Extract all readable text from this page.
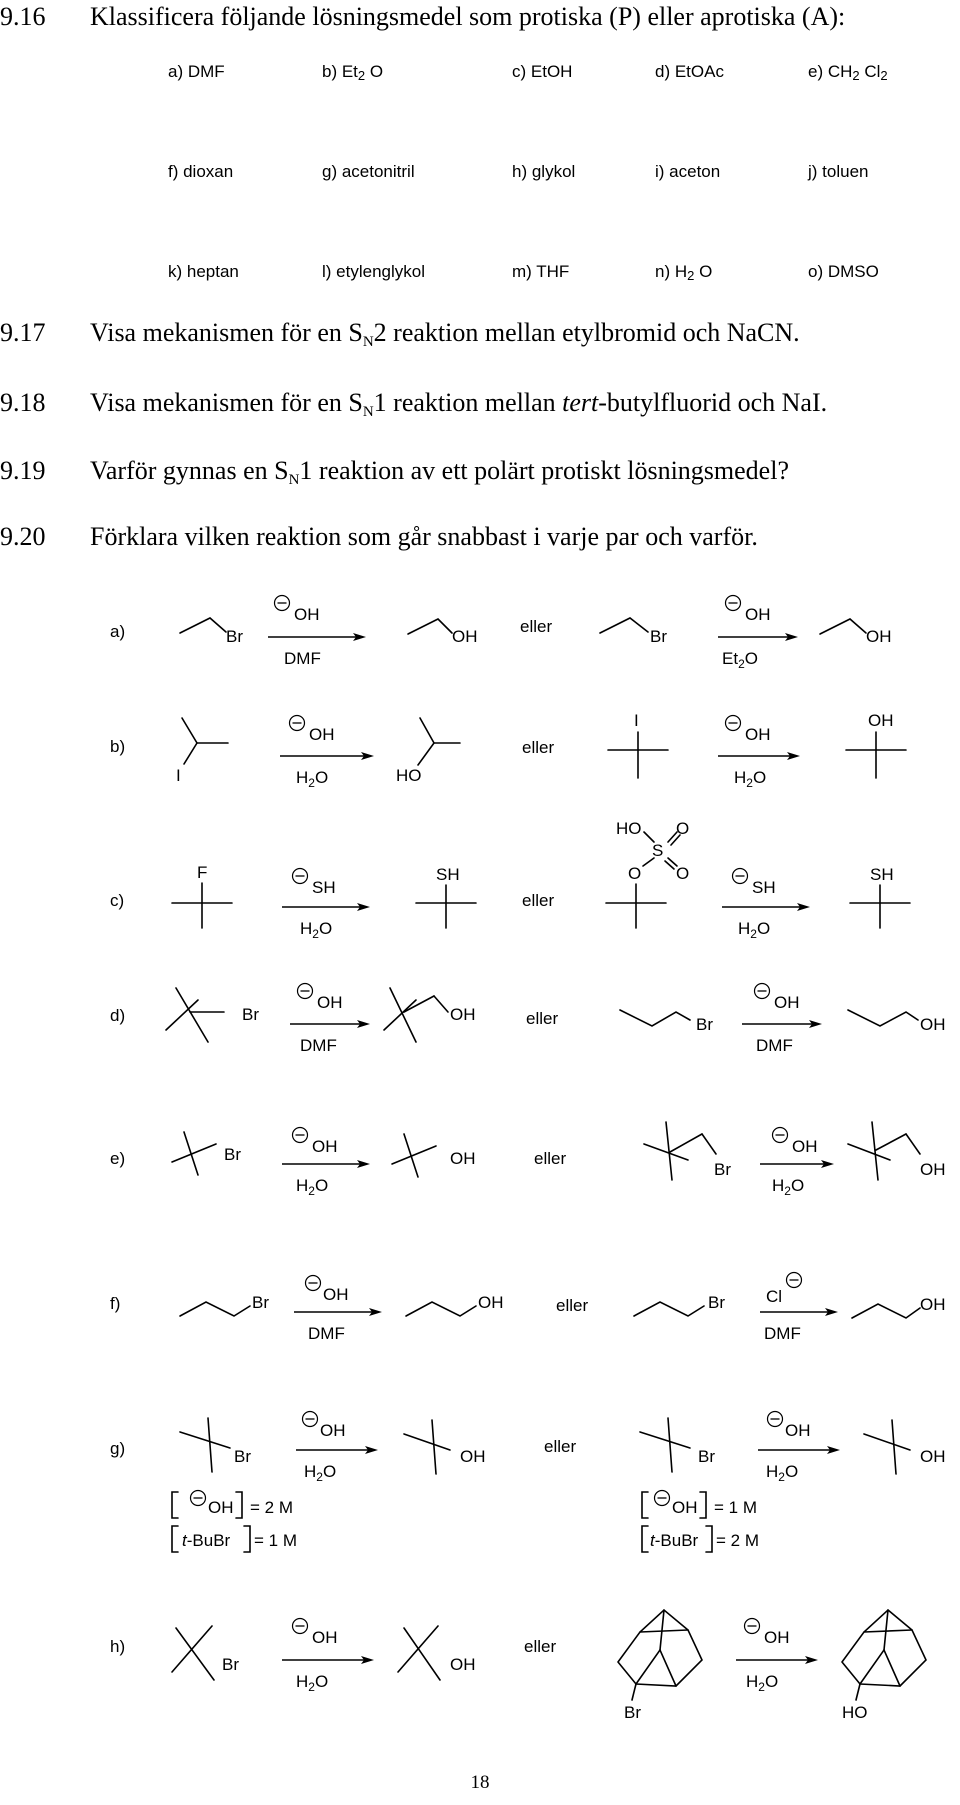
9.16 Klassificera följande lösningsmedel som protiska (P) eller aprotiska (A):
a) DMF	b) $Et_2$ O	c) EtOH	d) EtOAc	e) $CH_2$ $Cl_2$
f) dioxan	g) acetonitril	h) glykol	i) aceton	j) toluen
k) heptan	l) etylenglykol	m) THF	n) $H_2$ O	o) DMSO
9.17 Visa mekanismen för en $S_N2$ reaktion mellan etylbromid och NaCN.
9.18 Visa mekanismen för en $S_N1$ reaktion mellan tert-butylfluorid och NaI.
9.19 Varför gynnas en $S_N1$ reaktion av ett polärt protiskt lösningsmedel?
9.20 Förklara vilken reaktion som går snabbast i varje par och varför.
a)	Br
OH
DMF
OH
eller
Br
OH
$Et_2O$
OH
b)
I
OH
$H_2O$	HO
eller
I
OH
$H_2O$
OH
c)
F
SH
$H_2O$
SH
eller
HO O
S
O O
SH
$H_2O$
SH
d)	Br
OH
DMF
OH	eller	Br
OH
DMF
OH
e)	Br	OH
$H_2O$
OH	eller
Br
OH
$H_2O$
OH
f)	Br	OH
DMF
OH	eller	Br Cl
DMF
OH
g)	Br
OH
$H_2O$
OH
eller
Br
OH
$H_2O$
OH
OH = 2 M
t-BuBr = 1 M
OH = 1 M
t-BuBr = 2 M
h)
Br
OH
$H_2O$
OH
eller
Br
OH
$H_2O$
HO
18
